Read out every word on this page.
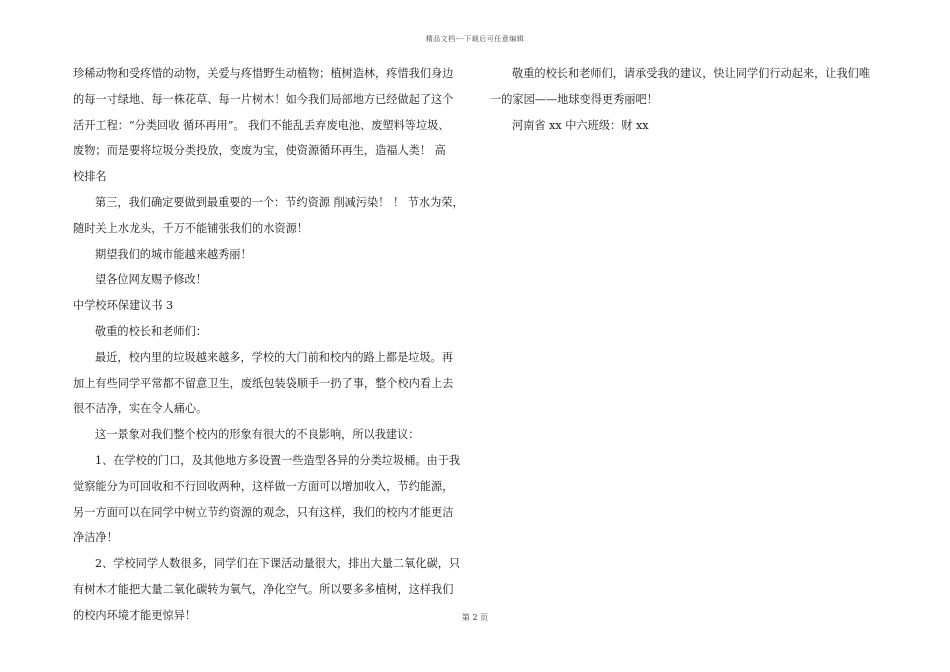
精品文档---下载后可任意编辑
珍稀动物和受疼惜的动物，关爱与疼惜野生动植物；植树造林，疼惜我们身边
的每一寸绿地、每一株花草、每一片树木！如今我们局部地方已经做起了这个
活开工程：“分类回收 循环再用”。 我们不能乱丢弃废电池、废塑料等垃圾、
废物；而是要将垃圾分类投放，变废为宝，使资源循环再生，造福人类！ 高
校排名
第三，我们确定要做到最重要的一个：节约资源 削减污染！ ！ 节水为荣，
随时关上水龙头，千万不能铺张我们的水资源！
期望我们的城市能越来越秀丽！
望各位网友赐予修改！
中学校环保建议书 3
敬重的校长和老师们：
最近，校内里的垃圾越来越多，学校的大门前和校内的路上都是垃圾。再
加上有些同学平常都不留意卫生，废纸包装袋顺手一扔了事，整个校内看上去
很不洁净，实在令人痛心。
这一景象对我们整个校内的形象有很大的不良影响，所以我建议：
1、在学校的门口，及其他地方多设置一些造型各异的分类垃圾桶。由于我
觉察能分为可回收和不行回收两种，这样做一方面可以增加收入，节约能源，
另一方面可以在同学中树立节约资源的观念，只有这样，我们的校内才能更洁
净洁净！
2、学校同学人数很多，同学们在下课活动量很大，排出大量二氧化碳，只
有树木才能把大量二氧化碳转为氧气，净化空气。所以要多多植树，这样我们
的校内环境才能更惊异！
敬重的校长和老师们，请承受我的建议，快让同学们行动起来，让我们唯
一的家园——地球变得更秀丽吧！
河南省 xx 中六班级：财 xx
第 2 页
